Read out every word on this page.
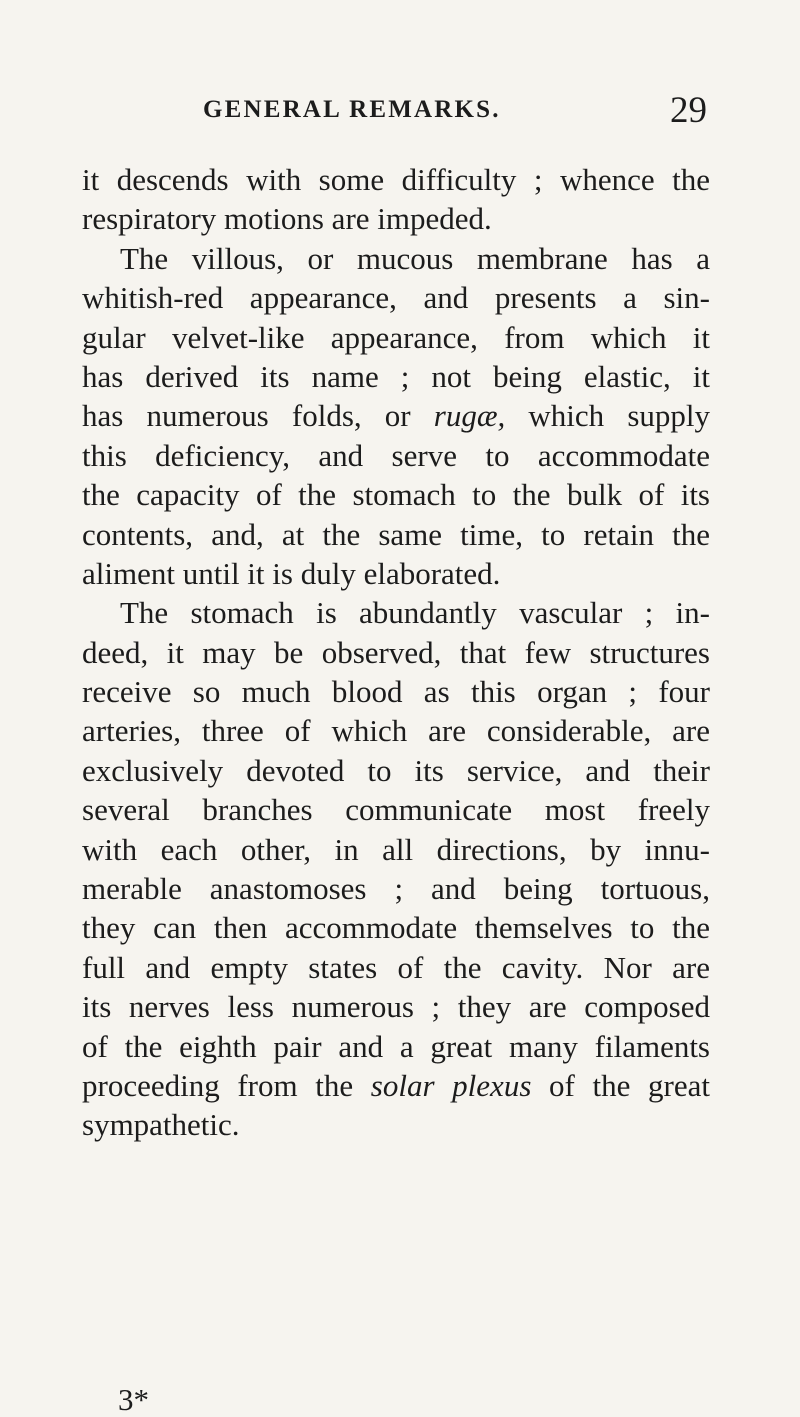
GENERAL REMARKS.	29
it descends with some difficulty ; whence the
respiratory motions are impeded.
The villous, or mucous membrane has a
whitish-red appearance, and presents a sin-
gular velvet-like appearance, from which it
has derived its name ; not being elastic, it
has numerous folds, or rugæ, which supply
this deficiency, and serve to accommodate
the capacity of the stomach to the bulk of its
contents, and, at the same time, to retain the
aliment until it is duly elaborated.
The stomach is abundantly vascular ; in-
deed, it may be observed, that few structures
receive so much blood as this organ ; four
arteries, three of which are considerable, are
exclusively devoted to its service, and their
several branches communicate most freely
with each other, in all directions, by innu-
merable anastomoses ; and being tortuous,
they can then accommodate themselves to the
full and empty states of the cavity. Nor are
its nerves less numerous ; they are composed
of the eighth pair and a great many filaments
proceeding from the solar plexus of the great
sympathetic.
3*
